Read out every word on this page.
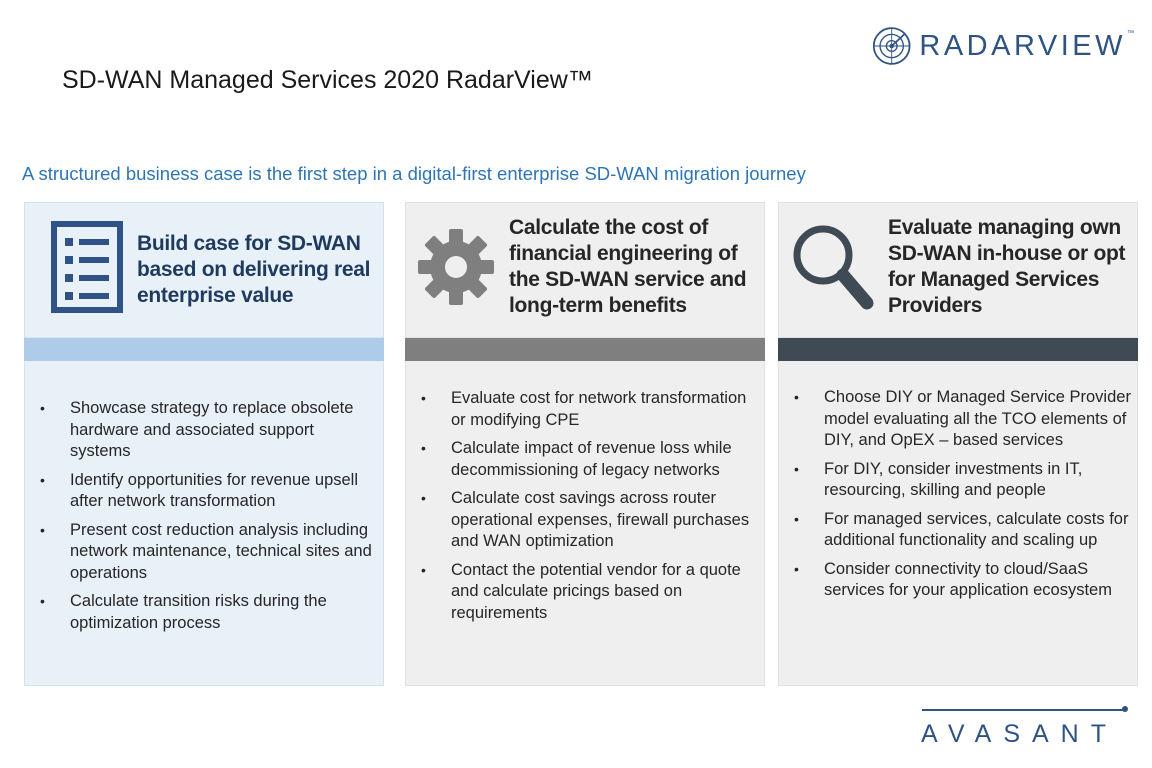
RADARVIEW™
SD-WAN Managed Services 2020 RadarView™
A structured business case is the first step in a digital-first enterprise SD-WAN migration journey
Build case for SD-WAN based on delivering real enterprise value
• Showcase strategy to replace obsolete hardware and associated support systems
• Identify opportunities for revenue upsell after network transformation
• Present cost reduction analysis including network maintenance, technical sites and operations
• Calculate transition risks during the optimization process
Calculate the cost of financial engineering of the SD-WAN service and long-term benefits
• Evaluate cost for network transformation or modifying CPE
• Calculate impact of revenue loss while decommissioning of legacy networks
• Calculate cost savings across router operational expenses, firewall purchases and WAN optimization
• Contact the potential vendor for a quote and calculate pricings based on requirements
Evaluate managing own SD-WAN in-house or opt for Managed Services Providers
• Choose DIY or Managed Service Provider model evaluating all the TCO elements of DIY, and OpEX – based services
• For DIY, consider investments in IT, resourcing, skilling and people
• For managed services, calculate costs for additional functionality and scaling up
• Consider connectivity to cloud/SaaS services for your application ecosystem
AVASANT
